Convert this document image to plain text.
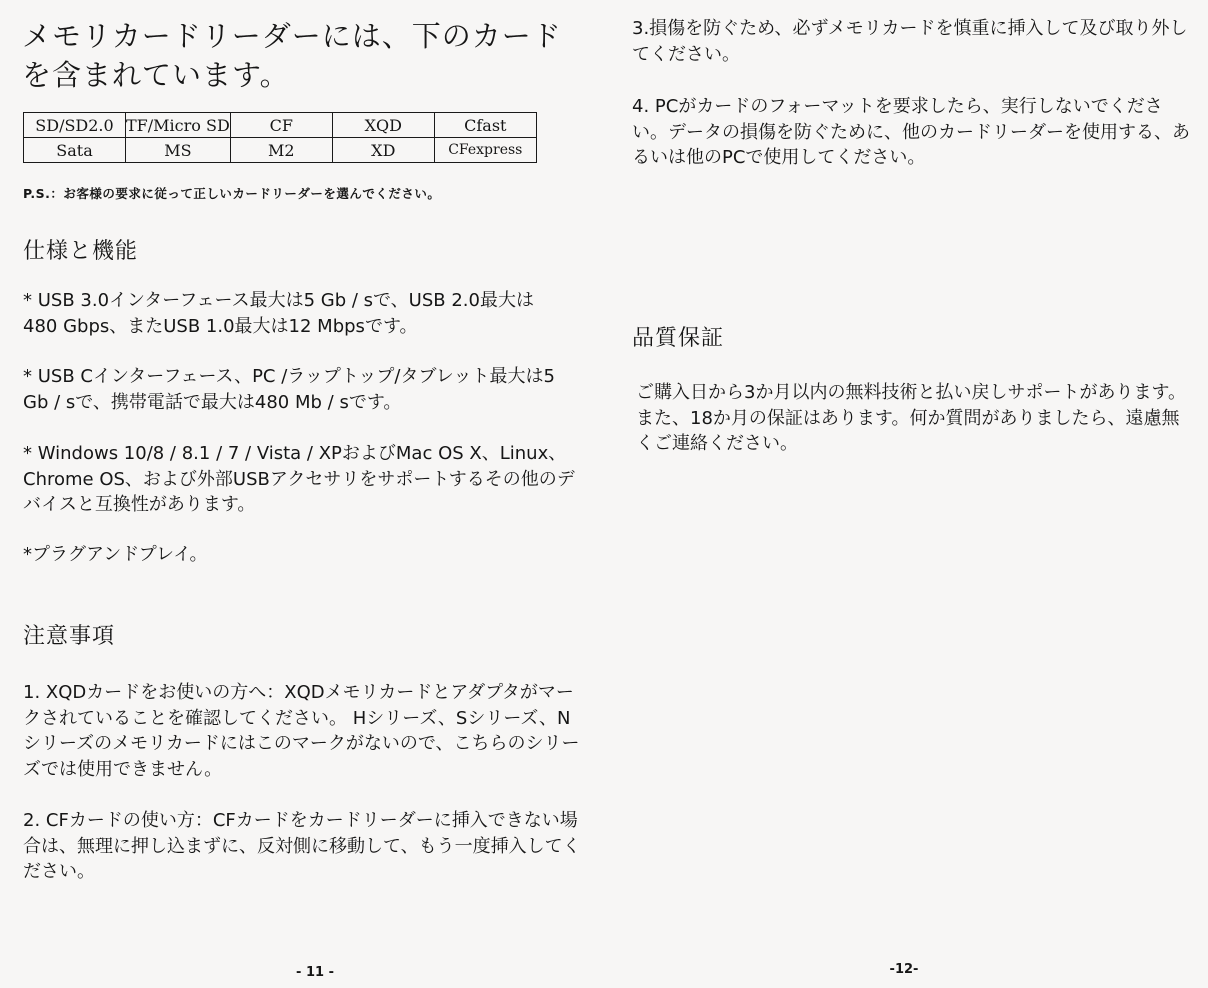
メモリカードリーダーには、下のカードを含まれています。
SD/SD2.0	TF/Micro SD	CF	XQD	Cfast
Sata	MS	M2	XD	CFexpress

P.S.：お客様の要求に従って正しいカードリーダーを選んでください。

仕様と機能

* USB 3.0インターフェース最大は5 Gb / sで、USB 2.0最大は480 Gbps、またUSB 1.0最大は12 Mbpsです。

* USB Cインターフェース、PC /ラップトップ/タブレット最大は5 Gb / sで、携帯電話で最大は480 Mb / sです。

* Windows 10/8 / 8.1 / 7 / Vista / XPおよびMac OS X、Linux、Chrome OS、および外部USBアクセサリをサポートするその他のデバイスと互換性があります。

*プラグアンドプレイ。

注意事項

1. XQDカードをお使いの方へ：XQDメモリカードとアダプタがマークされていることを確認してください。 Hシリーズ、Sシリーズ、Nシリーズのメモリカードにはこのマークがないので、こちらのシリーズでは使用できません。

2. CFカードの使い方：CFカードをカードリーダーに挿入できない場合は、無理に押し込まずに、反対側に移動して、もう一度挿入してください。

- 11 -

3.損傷を防ぐため、必ずメモリカードを慎重に挿入して及び取り外してください。

4. PCがカードのフォーマットを要求したら、実行しないでください。データの損傷を防ぐために、他のカードリーダーを使用する、あるいは他のPCで使用してください。

品質保証

ご購入日から3か月以内の無料技術と払い戻しサポートがあります。また、18か月の保証はあります。何か質問がありましたら、遠慮無くご連絡ください。

-12-
